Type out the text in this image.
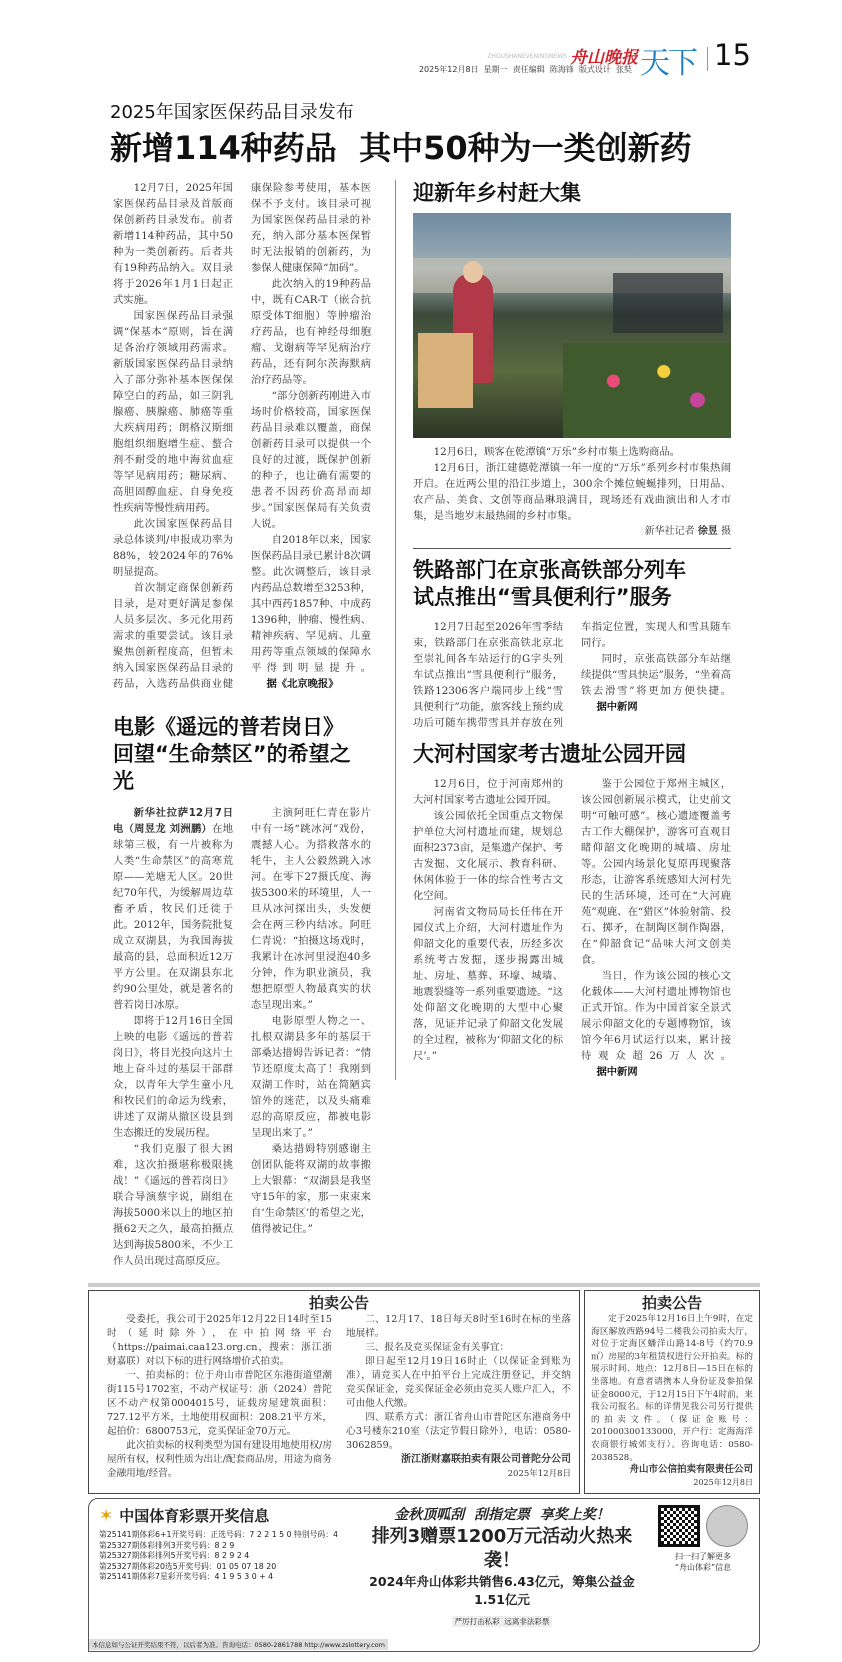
ZHOUSHANEVENINGNEWS 舟山晚报
2025年12月8日  星期一  责任编辑  陈海锋  版式设计  张奘 天下 15
2025年国家医保药品目录发布
新增114种药品  其中50种为一类创新药

12月7日，2025年国家医保药品目录及首版商保创新药目录发布。前者新增114种药品，其中50种为一类创新药。后者共有19种药品纳入。双目录将于2026年1月1日起正式实施。

国家医保药品目录强调“保基本”原则，旨在满足各治疗领域用药需求。新版国家医保药品目录纳入了部分弥补基本医保保障空白的药品，如三阴乳腺癌、胰腺癌、肺癌等重大疾病用药；朗格汉斯细胞组织细胞增生症、螯合剂不耐受的地中海贫血症等罕见病用药；糖尿病、高胆固醇血症、自身免疫性疾病等慢性病用药。

此次国家医保药品目录总体谈判/申报成功率为88%，较2024年的76%明显提高。

首次制定商保创新药目录，是对更好满足参保人员多层次、多元化用药需求的重要尝试。该目录聚焦创新程度高，但暂未纳入国家医保药品目录的药品，入选药品供商业健康保险参考使用，基本医保不予支付。该目录可视为国家医保药品目录的补充，纳入部分基本医保暂时无法报销的创新药，为参保人健康保障“加码”。

此次纳入的19种药品中，既有CAR-T（嵌合抗原受体T细胞）等肿瘤治疗药品，也有神经母细胞瘤、戈谢病等罕见病治疗药品，还有阿尔茨海默病治疗药品等。

“部分创新药刚进入市场时价格较高，国家医保药品目录难以覆盖，商保创新药目录可以提供一个良好的过渡，既保护创新的种子，也让确有需要的患者不因药价高昂而却步。”国家医保局有关负责人说。

自2018年以来，国家医保药品目录已累计8次调整。此次调整后，该目录内药品总数增至3253种，其中西药1857种、中成药1396种，肿瘤、慢性病、精神疾病、罕见病、儿童用药等重点领域的保障水平得到明显提升。据《北京晚报》

电影《遥远的普若岗日》
回望“生命禁区”的希望之光

新华社拉萨12月7日电（周昱龙 刘洲鹏）在地球第三极，有一片被称为人类“生命禁区”的高寒荒原——羌塘无人区。20世纪70年代，为缓解周边草畜矛盾，牧民们迁徙于此。2012年，国务院批复成立双湖县，为我国海拔最高的县，总面积近12万平方公里。在双湖县东北约90公里处，就是著名的普若岗日冰原。

即将于12月16日全国上映的电影《遥远的普若岗日》，将目光投向这片土地上奋斗过的基层干部群众，以青年大学生童小凡和牧民们的命运为线索，讲述了双湖从撤区设县到生态搬迁的发展历程。

“我们克服了很大困难，这次拍摄堪称极限挑战！”《遥远的普若岗日》联合导演蔡宇说，剧组在海拔5000米以上的地区拍摄62天之久，最高拍摄点达到海拔5800米，不少工作人员出现过高原反应。

主演阿旺仁青在影片中有一场“跳冰河”戏份，震撼人心。为搭救落水的牦牛，主人公毅然跳入冰河。在零下27摄氏度、海拔5300米的环境里，人一旦从冰河探出头，头发便会在两三秒内结冰。阿旺仁青说：“拍摄这场戏时，我累计在冰河里浸泡40多分钟，作为职业演员，我想把原型人物最真实的状态呈现出来。”

电影原型人物之一、扎根双湖县多年的基层干部桑达措姆告诉记者：“情节还原度太高了！我刚到双湖工作时，站在简陋宾馆外的迷茫，以及头痛难忍的高原反应，都被电影呈现出来了。”

桑达措姆特别感谢主创团队能将双湖的故事搬上大银幕：“双湖县是我坚守15年的家，那一束束来自‘生命禁区’的希望之光，值得被记住。”

迎新年乡村赶大集

12月6日，顾客在乾潭镇“万乐”乡村市集上选购商品。

12月6日，浙江建德乾潭镇一年一度的“万乐”系列乡村市集热闹开启。在近两公里的沿江步道上，300余个摊位蜿蜒排列，日用品、农产品、美食、文创等商品琳琅满目，现场还有戏曲演出和人才市集，是当地岁末最热闹的乡村市集。

新华社记者 徐昱 摄
铁路部门在京张高铁部分列车
试点推出“雪具便利行”服务

12月7日起至2026年雪季结束，铁路部门在京张高铁北京北至崇礼间各车站运行的G字头列车试点推出“雪具便利行”服务，铁路12306客户端同步上线“雪具便利行”功能，旅客线上预约成功后可随车携带雪具并存放在列车指定位置，实现人和雪具随车同行。

同时，京张高铁部分车站继续提供“雪具快运”服务，“坐着高铁去滑雪”将更加方便快捷。据中新网

大河村国家考古遗址公园开园

12月6日，位于河南郑州的大河村国家考古遗址公园开园。

该公园依托全国重点文物保护单位大河村遗址而建，规划总面积2373亩，是集遗产保护、考古发掘、文化展示、教育科研、休闲体验于一体的综合性考古文化空间。

河南省文物局局长任伟在开园仪式上介绍，大河村遗址作为仰韶文化的重要代表，历经多次系统考古发掘，逐步揭露出城址、房址、墓葬、环壕、城墙、地震裂缝等一系列重要遗迹。“这处仰韶文化晚期的大型中心聚落，见证并记录了仰韶文化发展的全过程，被称为‘仰韶文化的标尺’。”

鉴于公园位于郑州主城区，该公园创新展示模式，让史前文明“可触可感”。核心遗迹覆盖考古工作大棚保护，游客可直观目睹仰韶文化晚期的城墙、房址等。公园内场景化复原再现聚落形态，让游客系统感知大河村先民的生活环境，还可在“大河鹿苑”观鹿、在“猎区”体验射箭、投石、掷矛，在制陶区制作陶器，在“仰韶食记”品味大河文创美食。

当日，作为该公园的核心文化载体——大河村遗址博物馆也正式开馆。作为中国首家全景式展示仰韶文化的专题博物馆，该馆今年6月试运行以来，累计接待观众超26万人次。据中新网

拍卖公告

受委托，我公司于2025年12月22日14时至15时（延时除外），在中拍网络平台（https://paimai.caa123.org.cn，搜索：浙江浙财嘉联）对以下标的进行网络增价式拍卖。

一、拍卖标的：位于舟山市普陀区东港街道望潮街115号1702室，不动产权证号：浙（2024）普陀区不动产权第0004015号，证载房屋建筑面积：727.12平方米，土地使用权面积：208.21平方米，起拍价：6800753元，竞买保证金70万元。

此次拍卖标的权利类型为国有建设用地使用权/房屋所有权，权利性质为出让/配套商品房，用途为商务金融用地/经营。

二、12月17、18日每天8时至16时在标的坐落地展样。

三、报名及竞买保证金有关事宜：

即日起至12月19日16时止（以保证金到账为准），请竞买人在中拍平台上完成注册登记，并交纳竞买保证金，竞买保证金必须由竞买人账户汇入，不可由他人代缴。

四、联系方式：浙江省舟山市普陀区东港商务中心3号楼东210室（法定节假日除外），电话：0580-3062859。

浙江浙财嘉联拍卖有限公司普陀分公司
2025年12月8日
拍卖公告

定于2025年12月16日上午9时，在定海区解放西路94号二楼我公司拍卖大厅，对位于定海区蟠洋山路14-8号（约70.9㎡）房屋的3年租赁权进行公开拍卖。标的展示时间、地点：12月8日—15日在标的坐落地。有意者请携本人身份证及参拍保证金8000元，于12月15日下午4时前，来我公司报名。标的详情见我公司另行提供的拍卖文件。（保证金账号：201000300133000，开户行：定海海洋农商银行城郊支行）。咨询电话：0580-2038528。

舟山市公信拍卖有限责任公司
2025年12月8日
✶ 中国体育彩票开奖信息
第25141期体彩6+1开奖号码：正选号码：7 2 2 1 5 0 特别号码：4
第25327期体彩排列3开奖号码：8 2 9
第25327期体彩排列5开奖号码：8 2 9 2 4
第25327期体彩20选5开奖号码：01 05 07 18 20
第25141期体彩7星彩开奖号码：4 1 9 5 3 0 + 4
金秋顶呱刮  刮指定票  享奖上奖！
排列3赠票1200万元活动火热来袭！
2024年舟山体彩共销售6.43亿元，筹集公益金1.51亿元
严厉打击私彩  远离非法彩票
扫一扫了解更多
“舟山体彩”信息
本信息如与公证开奖结果不符，以后者为准。咨询电话：0580-2861788 http://www.zslottery.com
